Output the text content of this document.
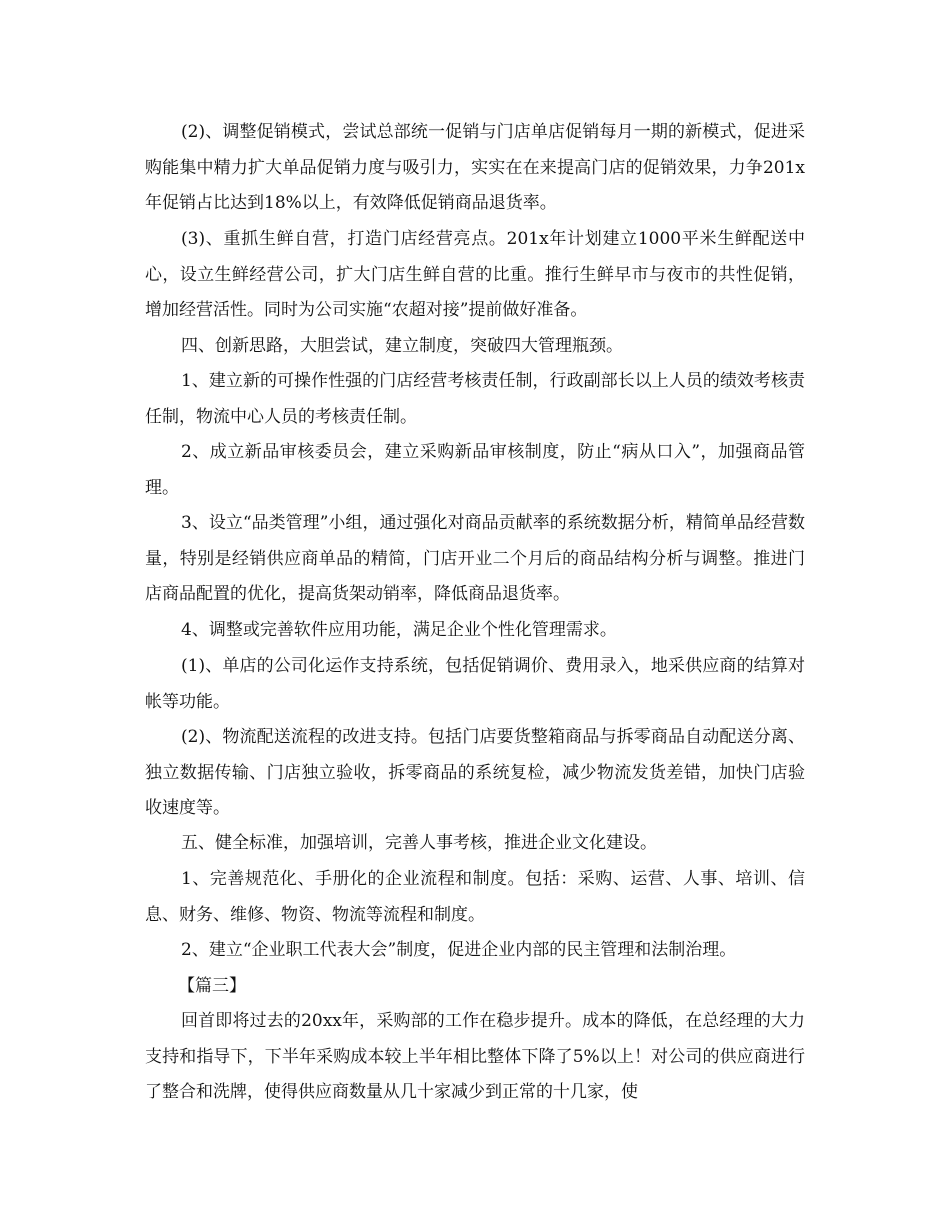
(2)、调整促销模式，尝试总部统一促销与门店单店促销每月一期的新模式，促进采购能集中精力扩大单品促销力度与吸引力，实实在在来提高门店的促销效果，力争201x年促销占比达到18%以上，有效降低促销商品退货率。

(3)、重抓生鲜自营，打造门店经营亮点。201x年计划建立1000平米生鲜配送中心，设立生鲜经营公司，扩大门店生鲜自营的比重。推行生鲜早市与夜市的共性促销，增加经营活性。同时为公司实施“农超对接”提前做好准备。

四、创新思路，大胆尝试，建立制度，突破四大管理瓶颈。

1、建立新的可操作性强的门店经营考核责任制，行政副部长以上人员的绩效考核责任制，物流中心人员的考核责任制。

2、成立新品审核委员会，建立采购新品审核制度，防止“病从口入”，加强商品管理。

3、设立“品类管理”小组，通过强化对商品贡献率的系统数据分析，精简单品经营数量，特别是经销供应商单品的精简，门店开业二个月后的商品结构分析与调整。推进门店商品配置的优化，提高货架动销率，降低商品退货率。

4、调整或完善软件应用功能，满足企业个性化管理需求。

(1)、单店的公司化运作支持系统，包括促销调价、费用录入，地采供应商的结算对帐等功能。

(2)、物流配送流程的改进支持。包括门店要货整箱商品与拆零商品自动配送分离、独立数据传输、门店独立验收，拆零商品的系统复检，减少物流发货差错，加快门店验收速度等。

五、健全标准，加强培训，完善人事考核，推进企业文化建设。

1、完善规范化、手册化的企业流程和制度。包括：采购、运营、人事、培训、信息、财务、维修、物资、物流等流程和制度。

2、建立“企业职工代表大会”制度，促进企业内部的民主管理和法制治理。

【篇三】

回首即将过去的20xx年，采购部的工作在稳步提升。成本的降低，在总经理的大力支持和指导下，下半年采购成本较上半年相比整体下降了5%以上！对公司的供应商进行了整合和洗牌，使得供应商数量从几十家减少到正常的十几家，使
